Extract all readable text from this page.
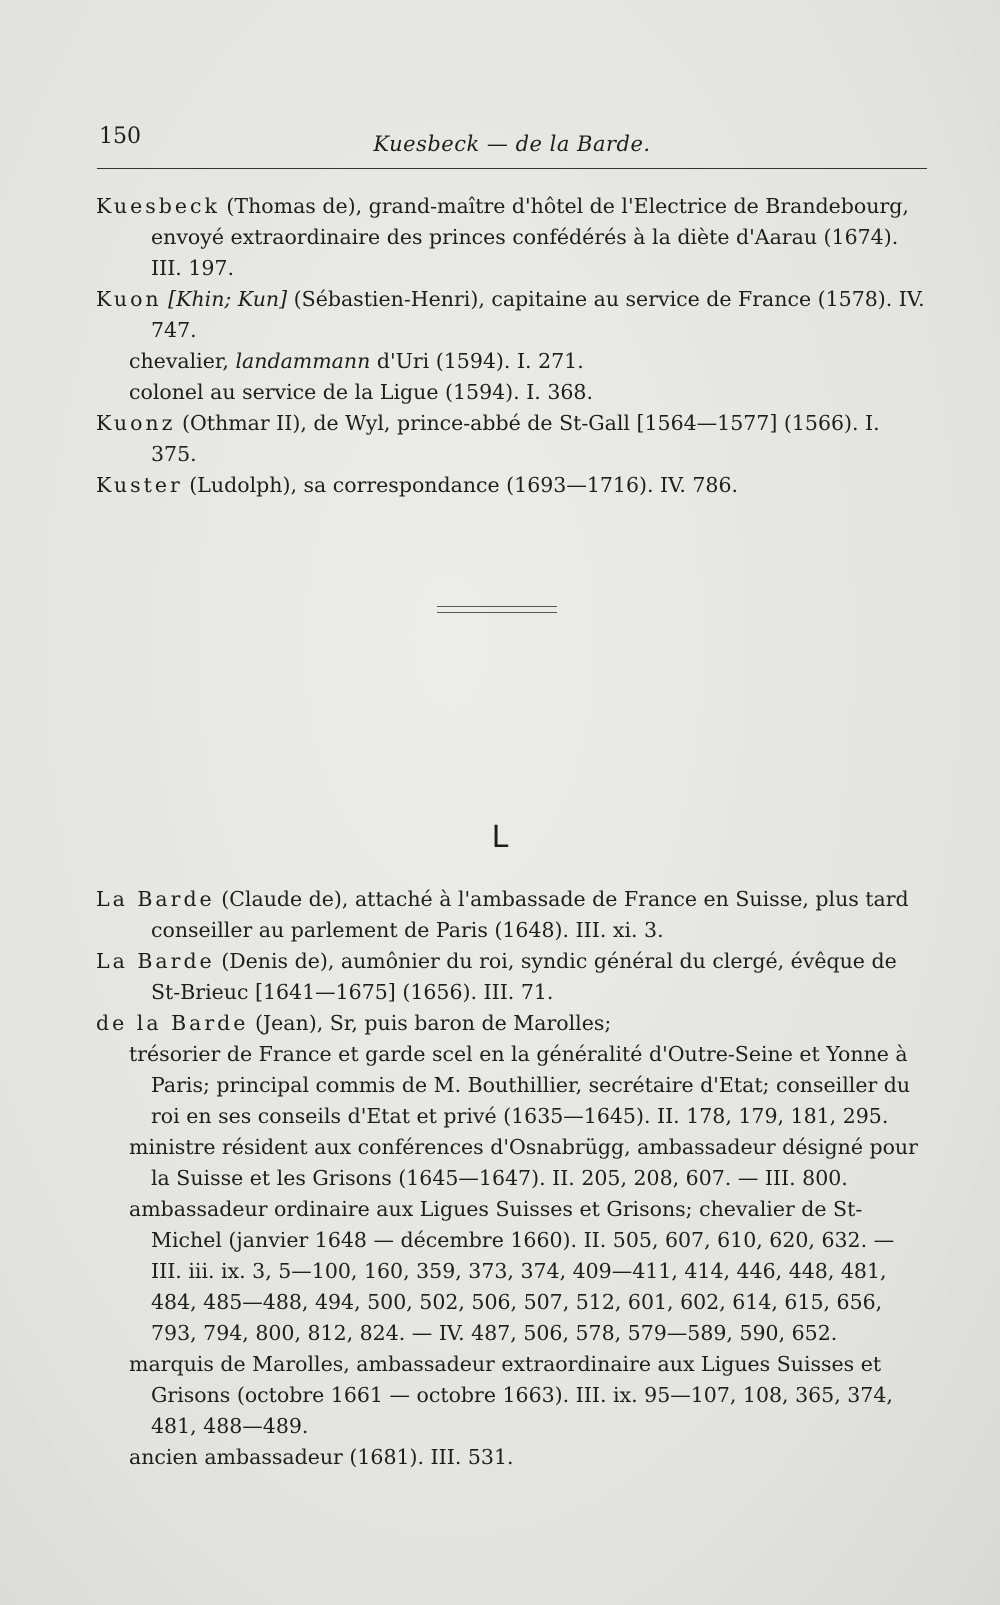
150	Kuesbeck — de la Barde.

Kuesbeck (Thomas de), grand-maître d'hôtel de l'Electrice de Brandebourg, envoyé extraordinaire des princes confédérés à la diète d'Aarau (1674). III. 197.

Kuon [Khin; Kun] (Sébastien-Henri), capitaine au service de France (1578). IV. 747.

chevalier, landammann d'Uri (1594). I. 271.

colonel au service de la Ligue (1594). I. 368.

Kuonz (Othmar II), de Wyl, prince-abbé de St-Gall [1564—1577] (1566). I. 375.

Kuster (Ludolph), sa correspondance (1693—1716). IV. 786.

L

La Barde (Claude de), attaché à l'ambassade de France en Suisse, plus tard conseiller au parlement de Paris (1648). III. xi. 3.

La Barde (Denis de), aumônier du roi, syndic général du clergé, évêque de St-Brieuc [1641—1675] (1656). III. 71.

de la Barde (Jean), Sr, puis baron de Marolles;

trésorier de France et garde scel en la généralité d'Outre-Seine et Yonne à Paris; principal commis de M. Bouthillier, secrétaire d'Etat; conseiller du roi en ses conseils d'Etat et privé (1635—1645). II. 178, 179, 181, 295.

ministre résident aux conférences d'Osnabrügg, ambassadeur désigné pour la Suisse et les Grisons (1645—1647). II. 205, 208, 607. — III. 800.

ambassadeur ordinaire aux Ligues Suisses et Grisons; chevalier de St-Michel (janvier 1648 — décembre 1660). II. 505, 607, 610, 620, 632. — III. iii. ix. 3, 5—100, 160, 359, 373, 374, 409—411, 414, 446, 448, 481, 484, 485—488, 494, 500, 502, 506, 507, 512, 601, 602, 614, 615, 656, 793, 794, 800, 812, 824. — IV. 487, 506, 578, 579—589, 590, 652.

marquis de Marolles, ambassadeur extraordinaire aux Ligues Suisses et Grisons (octobre 1661 — octobre 1663). III. ix. 95—107, 108, 365, 374, 481, 488—489.

ancien ambassadeur (1681). III. 531.
